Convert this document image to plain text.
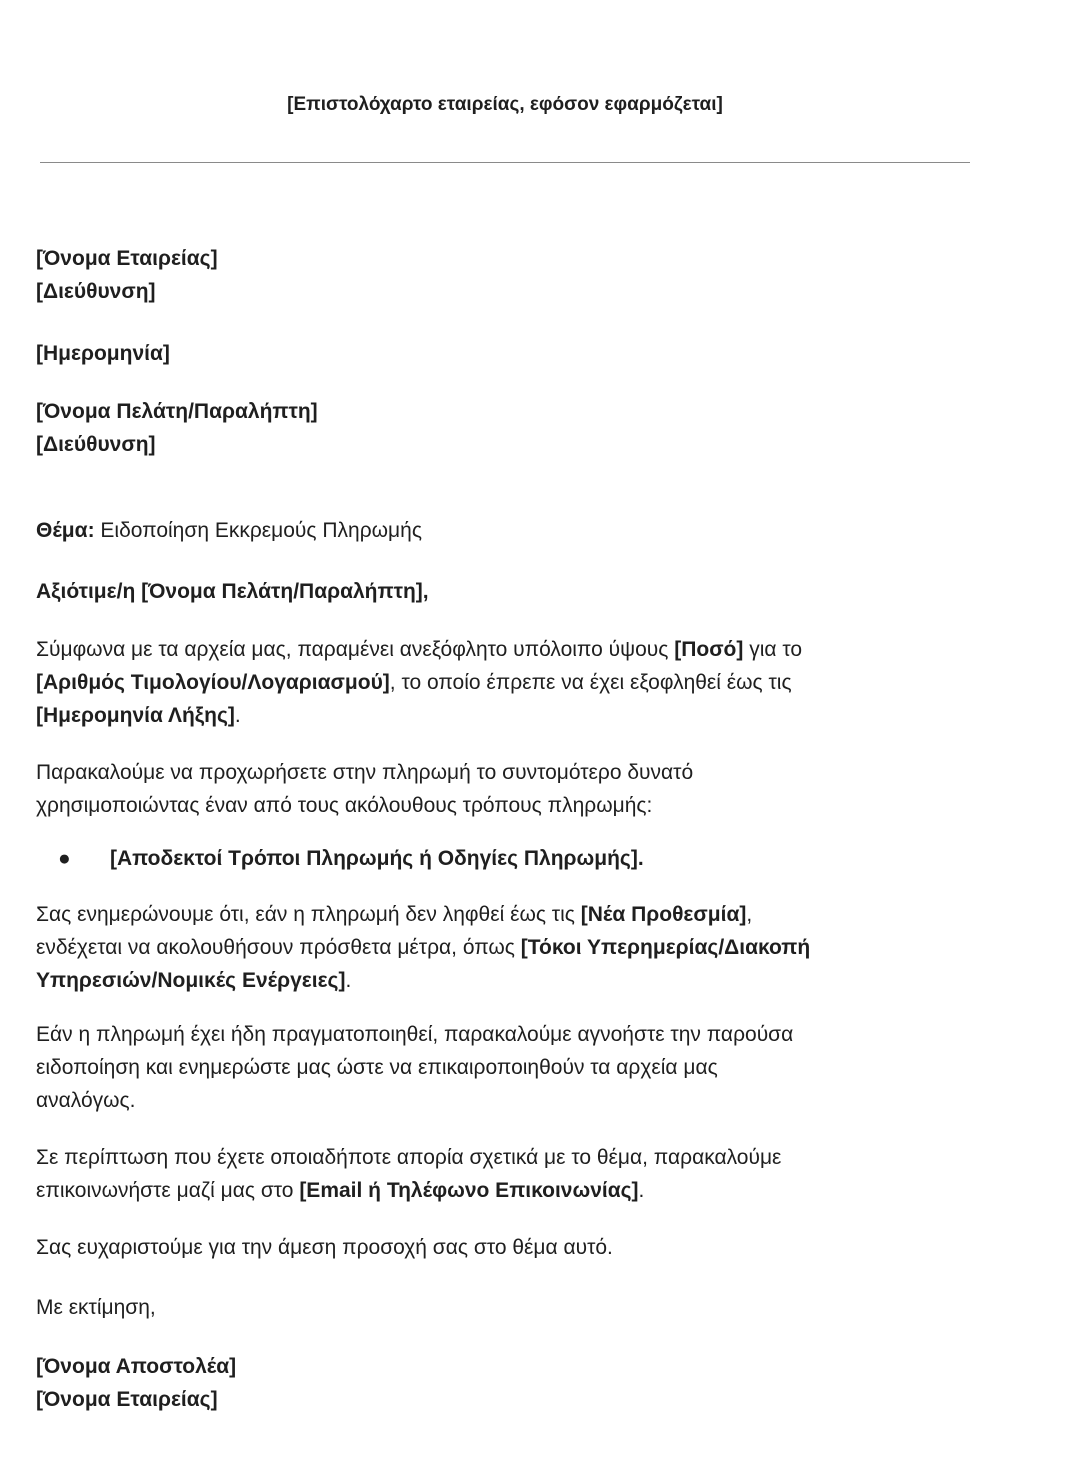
[Επιστολόχαρτο εταιρείας, εφόσον εφαρμόζεται]
[Όνομα Εταιρείας]
[Διεύθυνση]
[Ημερομηνία]
[Όνομα Πελάτη/Παραλήπτη]
[Διεύθυνση]
Θέμα: Ειδοποίηση Εκκρεμούς Πληρωμής
Αξιότιμε/η [Όνομα Πελάτη/Παραλήπτη],
Σύμφωνα με τα αρχεία μας, παραμένει ανεξόφλητο υπόλοιπο ύψους [Ποσό] για το
[Αριθμός Τιμολογίου/Λογαριασμού], το οποίο έπρεπε να έχει εξοφληθεί έως τις
[Ημερομηνία Λήξης].
Παρακαλούμε να προχωρήσετε στην πληρωμή το συντομότερο δυνατό
χρησιμοποιώντας έναν από τους ακόλουθους τρόπους πληρωμής:
● [Αποδεκτοί Τρόποι Πληρωμής ή Οδηγίες Πληρωμής].
Σας ενημερώνουμε ότι, εάν η πληρωμή δεν ληφθεί έως τις [Νέα Προθεσμία],
ενδέχεται να ακολουθήσουν πρόσθετα μέτρα, όπως [Τόκοι Υπερημερίας/Διακοπή
Υπηρεσιών/Νομικές Ενέργειες].
Εάν η πληρωμή έχει ήδη πραγματοποιηθεί, παρακαλούμε αγνοήστε την παρούσα
ειδοποίηση και ενημερώστε μας ώστε να επικαιροποιηθούν τα αρχεία μας
αναλόγως.
Σε περίπτωση που έχετε οποιαδήποτε απορία σχετικά με το θέμα, παρακαλούμε
επικοινωνήστε μαζί μας στο [Email ή Τηλέφωνο Επικοινωνίας].
Σας ευχαριστούμε για την άμεση προσοχή σας στο θέμα αυτό.
Με εκτίμηση,
[Όνομα Αποστολέα]
[Όνομα Εταιρείας]
